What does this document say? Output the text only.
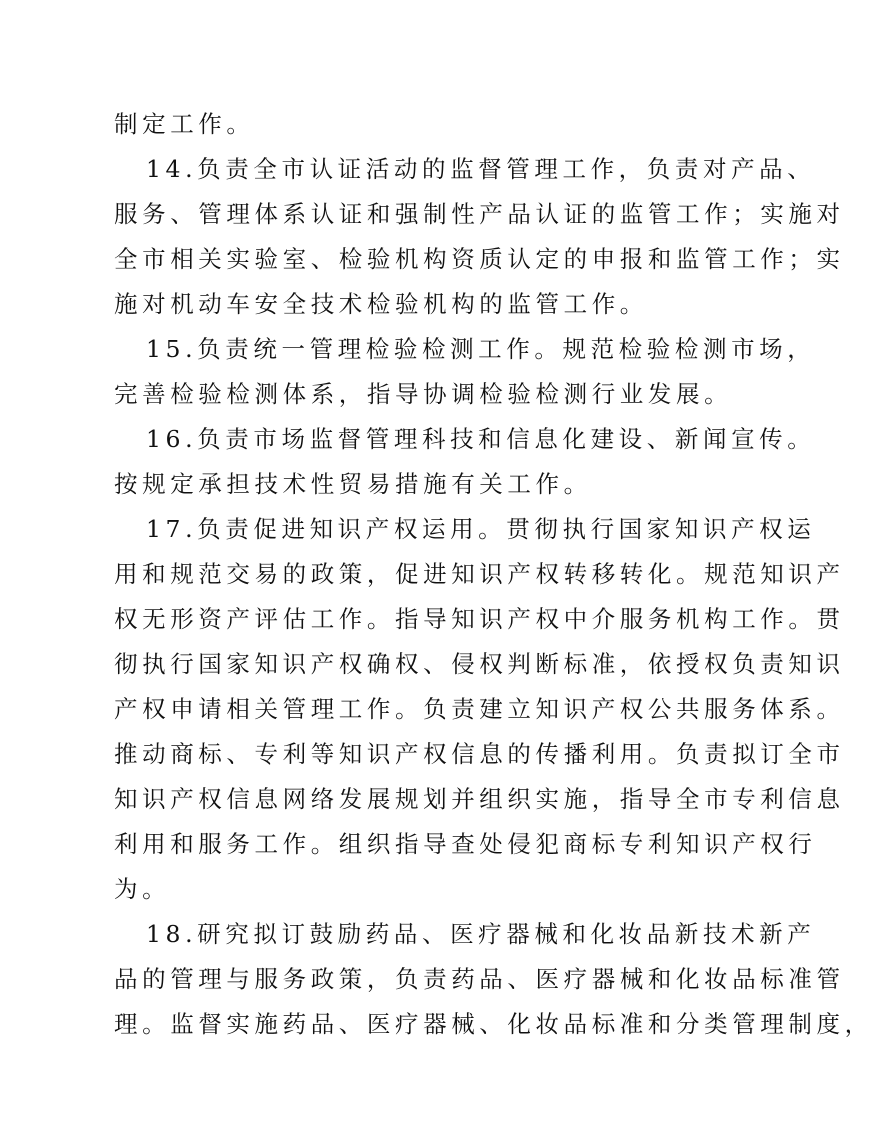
制定工作。
14.负责全市认证活动的监督管理工作，负责对产品、
服务、管理体系认证和强制性产品认证的监管工作；实施对
全市相关实验室、检验机构资质认定的申报和监管工作；实
施对机动车安全技术检验机构的监管工作。
15.负责统一管理检验检测工作。规范检验检测市场，
完善检验检测体系，指导协调检验检测行业发展。
16.负责市场监督管理科技和信息化建设、新闻宣传。
按规定承担技术性贸易措施有关工作。
17.负责促进知识产权运用。贯彻执行国家知识产权运
用和规范交易的政策，促进知识产权转移转化。规范知识产
权无形资产评估工作。指导知识产权中介服务机构工作。贯
彻执行国家知识产权确权、侵权判断标准，依授权负责知识
产权申请相关管理工作。负责建立知识产权公共服务体系。
推动商标、专利等知识产权信息的传播利用。负责拟订全市
知识产权信息网络发展规划并组织实施，指导全市专利信息
利用和服务工作。组织指导查处侵犯商标专利知识产权行
为。
18.研究拟订鼓励药品、医疗器械和化妆品新技术新产
品的管理与服务政策，负责药品、医疗器械和化妆品标准管
理。监督实施药品、医疗器械、化妆品标准和分类管理制度，
